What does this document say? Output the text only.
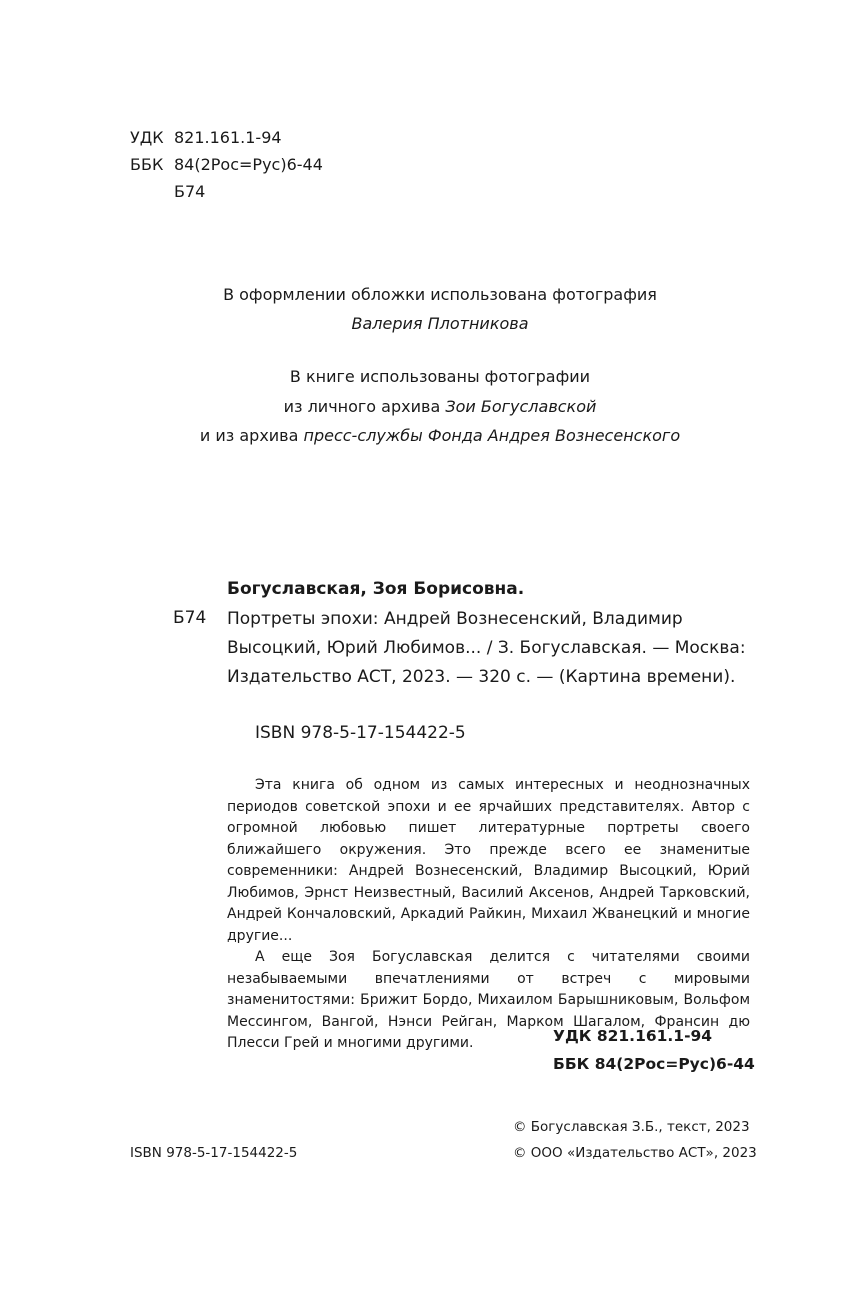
УДК 821.161.1-94
ББК 84(2Рос=Рус)6-44
Б74
В оформлении обложки использована фотография
Валерия Плотникова
В книге использованы фотографии
из личного архива Зои Богуславской
и из архива пресс-службы Фонда Андрея Вознесенского
Богуславская, Зоя Борисовна.
Б74 Портреты эпохи: Андрей Вознесенский, Владимир Высоцкий, Юрий Любимов... / З. Богуславская. — Москва: Издательство АСТ, 2023. — 320 с. — (Картина времени).
ISBN 978-5-17-154422-5

Эта книга об одном из самых интересных и неоднозначных периодов советской эпохи и ее ярчайших представителях. Автор с огромной любовью пишет литературные портреты своего ближайшего окружения. Это прежде всего ее знаменитые современники: Андрей Вознесенский, Владимир Высоцкий, Юрий Любимов, Эрнст Неизвестный, Василий Аксенов, Андрей Тарковский, Андрей Кончаловский, Аркадий Райкин, Михаил Жванецкий и многие другие...

А еще Зоя Богуславская делится с читателями своими незабываемыми впечатлениями от встреч с мировыми знаменитостями: Брижит Бордо, Михаилом Барышниковым, Вольфом Мессингом, Вангой, Нэнси Рейган, Марком Шагалом, Франсин дю Плесси Грей и многими другими.	УДК 821.161.1-94
ББК 84(2Рос=Рус)6-44
© Богуславская З.Б., текст, 2023
ISBN 978-5-17-154422-5	© ООО «Издательство АСТ», 2023
